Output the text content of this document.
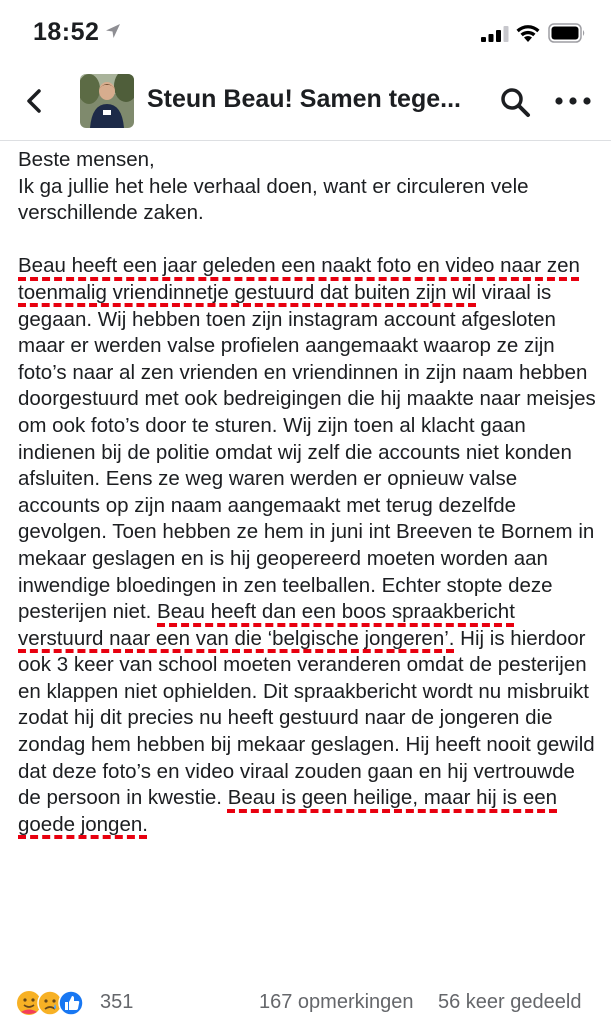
18:52
Steun Beau! Samen tege...

Beste mensen,
Ik ga jullie het hele verhaal doen, want er circuleren vele verschillende zaken.

Beau heeft een jaar geleden een naakt foto en video naar zen toenmalig vriendinnetje gestuurd dat buiten zijn wil viraal is gegaan. Wij hebben toen zijn instagram account afgesloten maar er werden valse profielen aangemaakt waarop ze zijn foto’s naar al zen vrienden en vriendinnen in zijn naam hebben doorgestuurd met ook bedreigingen die hij maakte naar meisjes om ook foto’s door te sturen. Wij zijn toen al klacht gaan indienen bij de politie omdat wij zelf die accounts niet konden afsluiten. Eens ze weg waren werden er opnieuw valse accounts op zijn naam aangemaakt met terug dezelfde gevolgen. Toen hebben ze hem in juni int Breeven te Bornem in mekaar geslagen en is hij geopereerd moeten worden aan inwendige bloedingen in zen teelballen. Echter stopte deze pesterijen niet. Beau heeft dan een boos spraakbericht verstuurd naar een van die ‘belgische jongeren’. Hij is hierdoor ook 3 keer van school moeten veranderen omdat de pesterijen en klappen niet ophielden. Dit spraakbericht wordt nu misbruikt zodat hij dit precies nu heeft gestuurd naar de jongeren die zondag hem hebben bij mekaar geslagen. Hij heeft nooit gewild dat deze foto’s en video viraal zouden gaan en hij vertrouwde de persoon in kwestie. Beau is geen heilige, maar hij is een goede jongen.

351	167 opmerkingen 56 keer gedeeld
